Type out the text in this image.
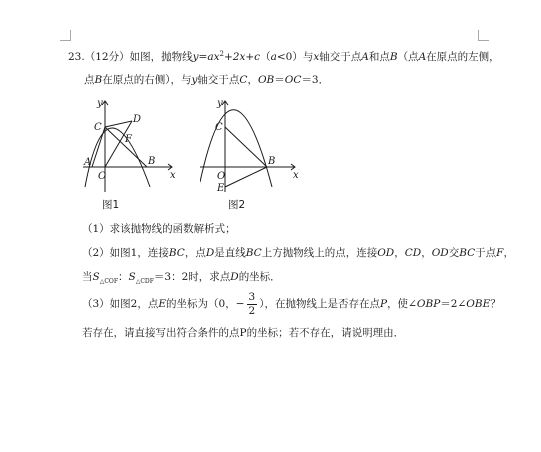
23.（12分）如图，抛物线$y=ax^2+2x+c(a<0)$与x轴交于点A和点B（点A在原点的左侧，
点B在原点的右侧），与y轴交于点C，OB＝OC＝3．
y
x
C
D
F
A
O
B
图1
y
x
C
O
B
E
图2
（1）求该抛物线的函数解析式；
（2）如图1，连接BC，点D是直线BC上方抛物线上的点，连接OD，CD，OD交BC于点F，
当$S_{\triangle COF}$：$S_{\triangle CDF}=3$：2时，求点D的坐标．
（3）如图2，点E的坐标为（0，− $\frac{3}{2}$ ），在抛物线上是否存在点P，使∠OBP＝2∠OBE？
若存在，请直接写出符合条件的点P的坐标；若不存在，请说明理由．
